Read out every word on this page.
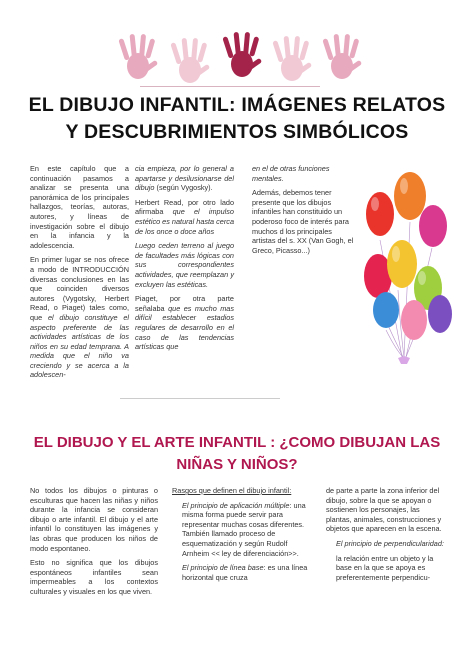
EL DIBUJO INFANTIL: IMÁGENES RELATOS
Y DESCUBRIMIENTOS SIMBÓLICOS

En este capítulo que a continuación pasamos a analizar se presenta una panorámica de los principales hallazgos, teorías, autoras, autores, y líneas de investigación sobre el dibujo en la infancia y la adolescencia.

En primer lugar se nos ofrece a modo de INTRODUCCIÓN diversas conclusiones en las que coinciden diversos autores (Vygotsky, Herbert Read, o Piaget) tales como, que el dibujo constituye el aspecto preferente de las actividades artísticas de los niños en su edad temprana. A medida que el niño va creciendo y se acerca a la adolescen-

cia empieza, por lo general a apartarse y desilusionarse del dibujo (según Vygosky).

Herbert Read, por otro lado afirmaba que el impulso estético es natural hasta cerca de los once o doce años

Luego ceden terreno al juego de facultades más lógicas con sus correspondientes actividades, que reemplazan y excluyen las estéticas.

Piaget, por otra parte señalaba que es mucho mas difícil establecer estadios regulares de desarrollo en el caso de las tendencias artísticas que

en el de otras funciones mentales.

Además, debemos tener presente que los dibujos infantiles han constituido un poderoso foco de interés para muchos d los principales artistas del s. XX (Van Gogh, el Greco, Picasso...)

EL DIBUJO Y EL ARTE INFANTIL : ¿COMO DIBUJAN LAS
NIÑAS Y NIÑOS?

No todos los dibujos o pinturas o esculturas que hacen las niñas y niños durante la infancia se consideran dibujo o arte infantil. El dibujo y el arte infantil lo constituyen las imágenes y las obras que producen los niños de modo espontaneo.

Esto no significa que los dibujos espontáneos infantiles sean impermeables a los contextos culturales y visuales en los que viven.

Rasgos que definen el dibujo infantil:

El principio de aplicación múltiple: una misma forma puede servir para representar muchas cosas diferentes. También llamado proceso de esquematización y según Rudolf Arnheim << ley de diferenciación>>.

El principio de línea base: es una línea horizontal que cruza

de parte a parte la zona inferior del dibujo, sobre la que se apoyan o sostienen los personajes, las plantas, animales, construcciones y objetos que aparecen en la escena.

El principio de perpendicularidad:

la relación entre un objeto y la base en la que se apoya es preferentemente perpendicu-
